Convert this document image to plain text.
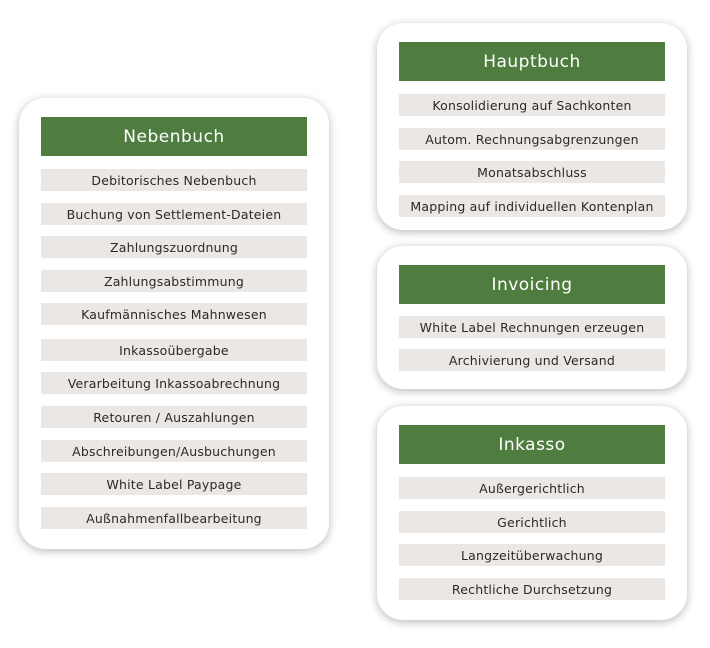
Nebenbuch
Debitorisches Nebenbuch
Buchung von Settlement-Dateien
Zahlungszuordnung
Zahlungsabstimmung
Kaufmännisches Mahnwesen
Inkassoübergabe
Verarbeitung Inkassoabrechnung
Retouren / Auszahlungen
Abschreibungen/Ausbuchungen
White Label Paypage
Außnahmenfallbearbeitung
Hauptbuch
Konsolidierung auf Sachkonten
Autom. Rechnungsabgrenzungen
Monatsabschluss
Mapping auf individuellen Kontenplan
Invoicing
White Label Rechnungen erzeugen
Archivierung und Versand
Inkasso
Außergerichtlich
Gerichtlich
Langzeitüberwachung
Rechtliche Durchsetzung
